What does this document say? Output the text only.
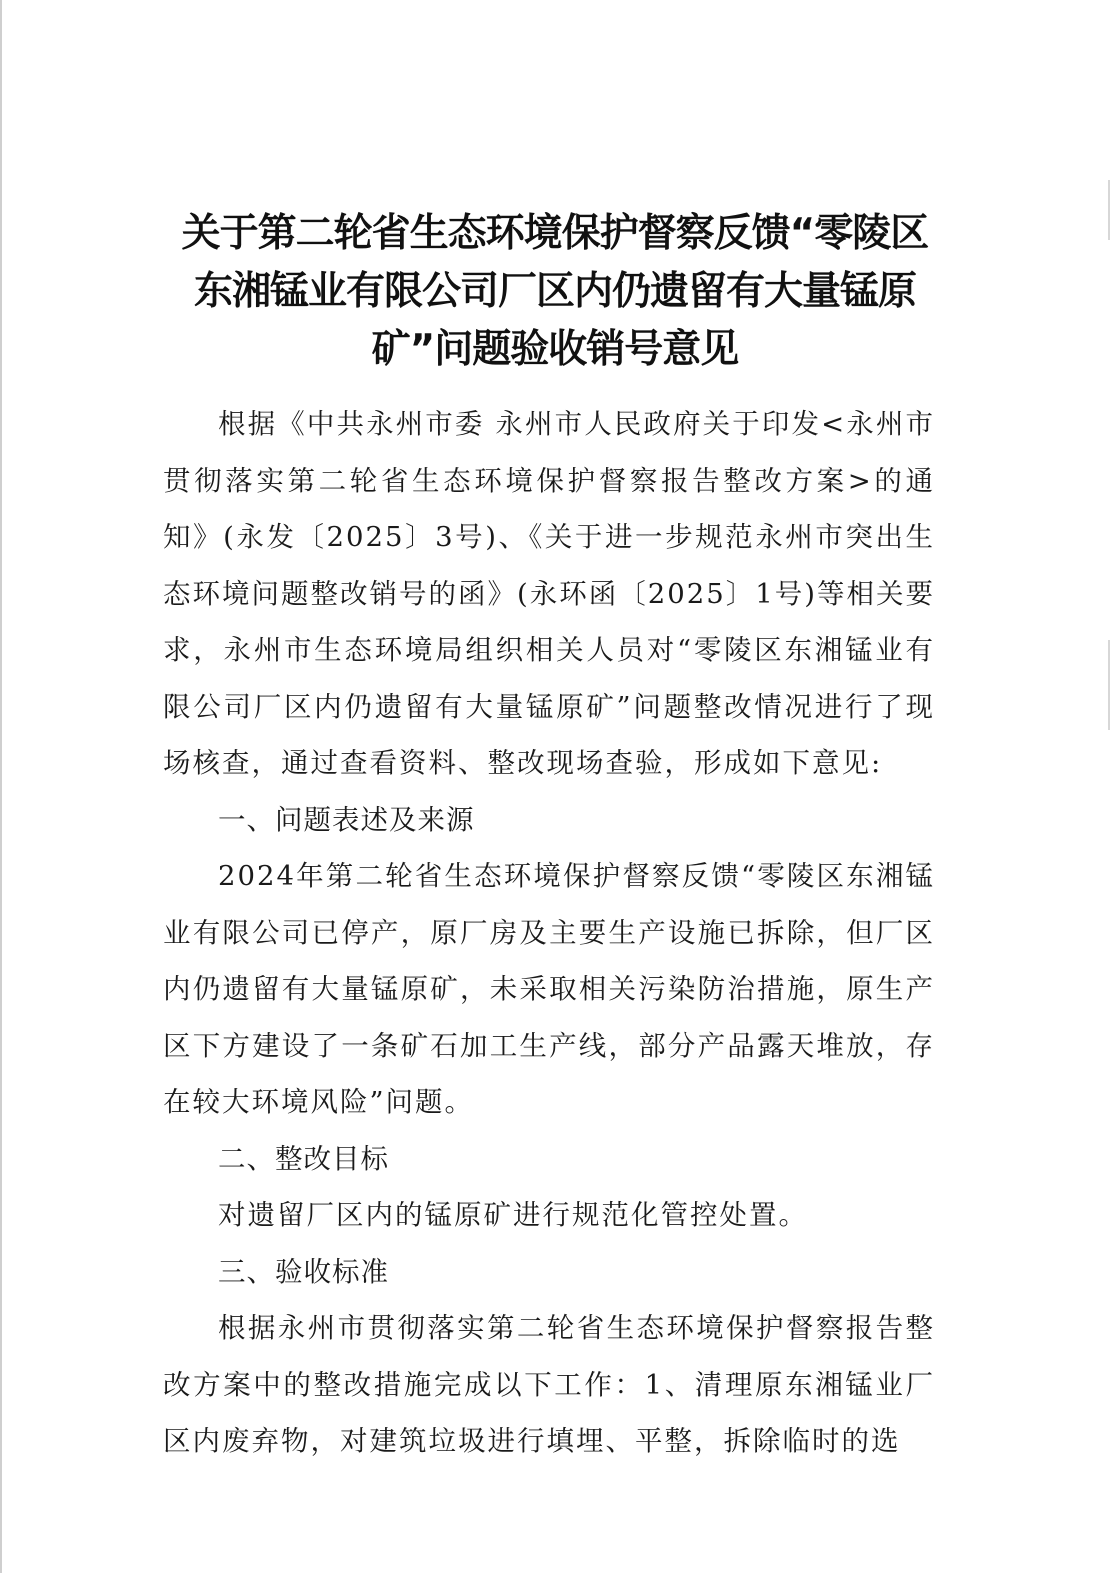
关于第二轮省生态环境保护督察反馈“零陵区
东湘锰业有限公司厂区内仍遗留有大量锰原
矿”问题验收销号意见

根据《中共永州市委 永州市人民政府关于印发<永州市贯彻落实第二轮省生态环境保护督察报告整改方案>的通知》(永发〔2025〕3号)、《关于进一步规范永州市突出生态环境问题整改销号的函》(永环函〔2025〕1号)等相关要求，永州市生态环境局组织相关人员对“零陵区东湘锰业有限公司厂区内仍遗留有大量锰原矿”问题整改情况进行了现场核查，通过查看资料、整改现场查验，形成如下意见:

一、问题表述及来源

2024年第二轮省生态环境保护督察反馈“零陵区东湘锰业有限公司已停产，原厂房及主要生产设施已拆除，但厂区内仍遗留有大量锰原矿，未采取相关污染防治措施，原生产区下方建设了一条矿石加工生产线，部分产品露天堆放，存在较大环境风险”问题。

二、整改目标

对遗留厂区内的锰原矿进行规范化管控处置。

三、验收标准

根据永州市贯彻落实第二轮省生态环境保护督察报告整改方案中的整改措施完成以下工作：1、清理原东湘锰业厂区内废弃物，对建筑垃圾进行填埋、平整，拆除临时的选
